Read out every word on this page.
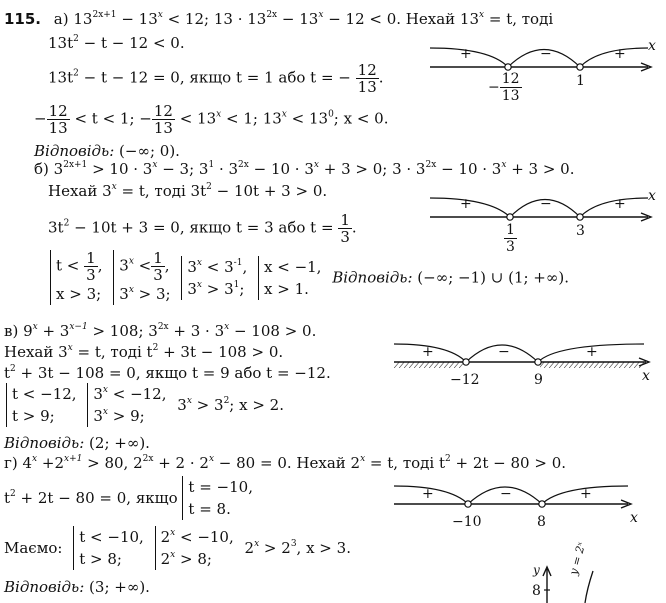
115. а) $13^{2x+1} - 13^x < 12$; $13 \cdot 13^{2x} - 13^x - 12 < 0$. Нехай $13^x = t$, тоді
$13t^2 - t - 12 < 0$.
$13t^2 - t - 12 = 0$, якщо t = 1 або t = − $\frac{12}{13}$ .
− $\frac{12}{13} < t < 1$; − $\frac{12}{13} < 13^x < 1$; $13^x < 13^0$; x < 0.
Відповідь: (−∞; 0).
+	−	+
− $\frac{12}{13}$	1
x
б) $3^{2x+1} > 10 \cdot 3^x - 3$; $3^1 \cdot 3^{2x} - 10 \cdot 3^x + 3 > 0$; $3 \cdot 3^{2x} - 10 \cdot 3^x + 3 > 0$.
Нехай $3^x = t$, тоді $3t^2 - 10t + 3 > 0$.
$3t^2 - 10t + 3 = 0$, якщо t = 3 або $t = \frac{1}{3}$ .
$t < \frac{1}{3}$ ,
x > 3;

$3^x < \frac{1}{3}$ ,
$3^x > 3$;

$3^x < 3^{-1}$,
$3^x > 3^1$;

x < −1,
x > 1.
Відповідь: (−∞; −1) ∪ (1; +∞).
+	−	+
$\frac{1}{3}$	3
x
в) $9^x + 3^{x-1} > 108$; $3^{2x} + 3 \cdot 3^x - 108 > 0$.
Нехай $3^x = t$, тоді $t^2 + 3t - 108 > 0$.
$t^2 + 3t - 108 = 0$, якщо t = 9 або t = −12.
t < −12,
t > 9;

$3^x < -12$,
$3^x > 9$;
$3^x > 3^2$; x > 2.
Відповідь: (2; +∞).
+	−	+
−12	9	x
г) $4^x +2^{x+1} > 80$, $2^{2x} + 2 \cdot 2^x - 80 = 0$. Нехай $2^x = t$, тоді $t^2 + 2t - 80 > 0$.
$t^2 + 2t - 80 = 0$, якщо
t = −10,
t = 8.
Маємо:
t < −10,
t > 8;

$2^x < -10$,
$2^x > 8$;
$2^x > 2^3$, x > 3.
Відповідь: (3; +∞).
+	−	+
−10	8	x
y
8
y = 2ˣ
